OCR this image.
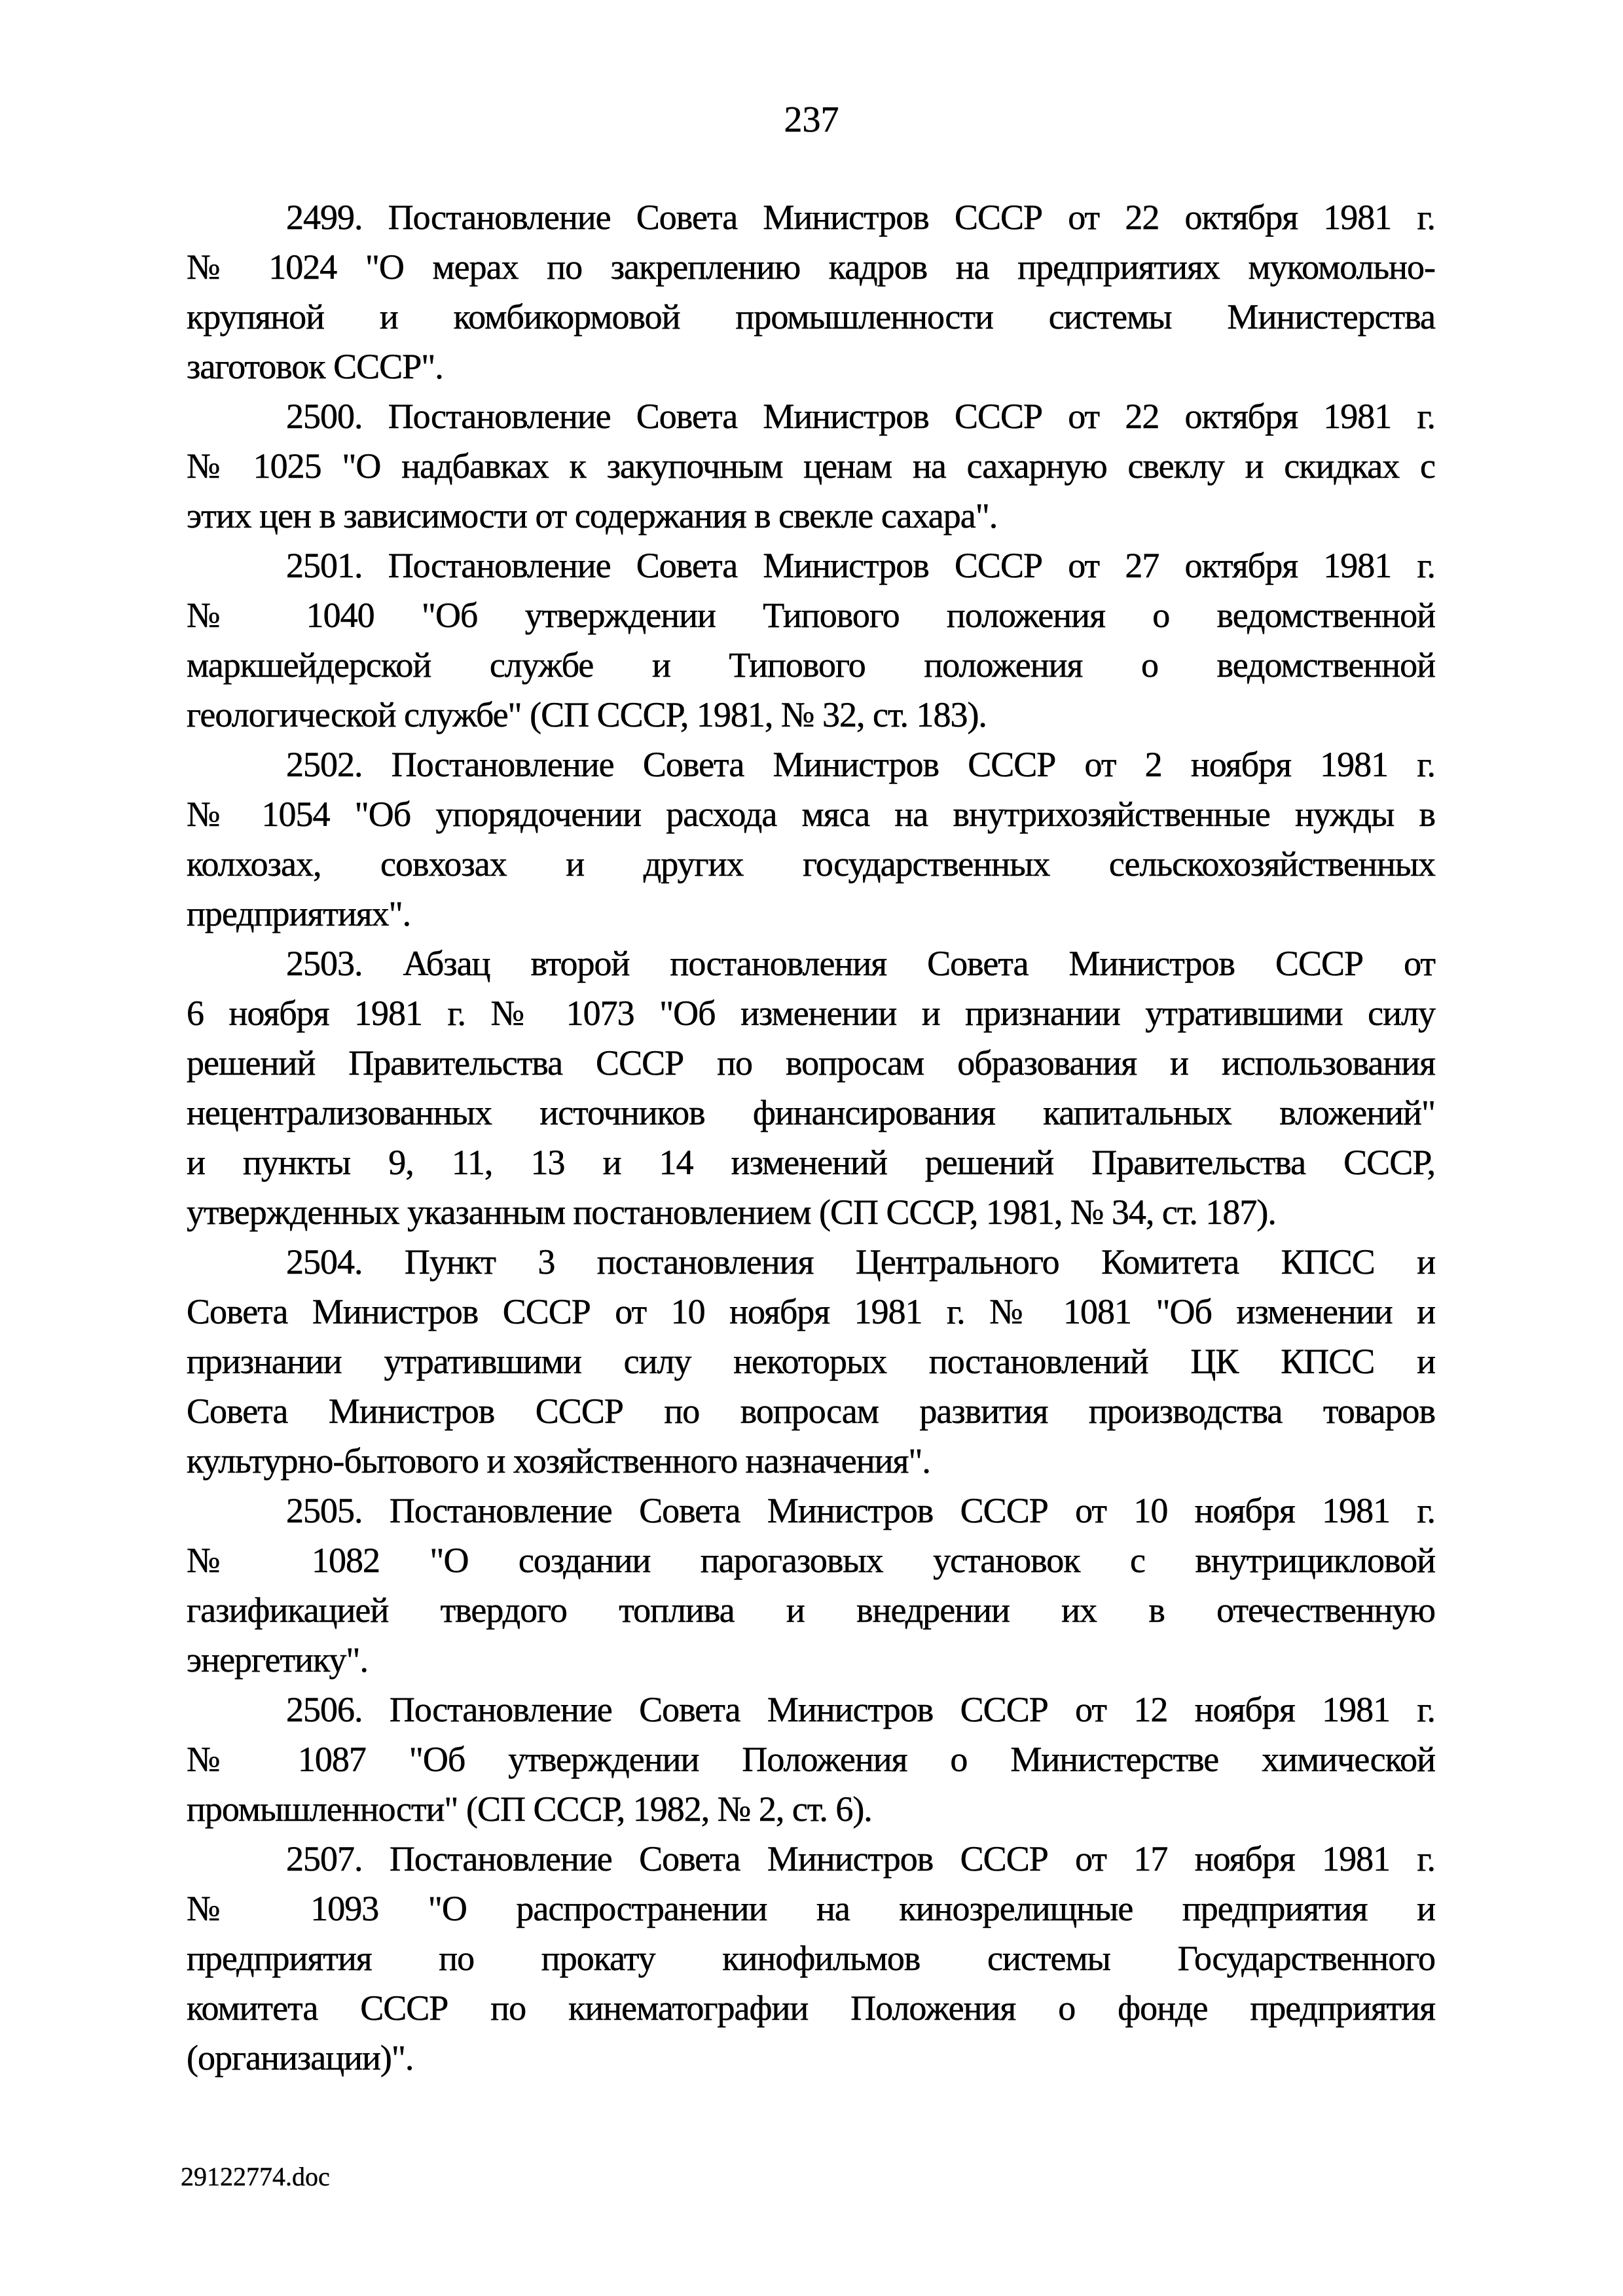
237
2499. Постановление Совета Министров СССР от 22 октября 1981 г.
№ 1024 "О мерах по закреплению кадров на предприятиях мукомольно-
крупяной и комбикормовой промышленности системы Министерства
заготовок СССР".
2500. Постановление Совета Министров СССР от 22 октября 1981 г.
№ 1025 "О надбавках к закупочным ценам на сахарную свеклу и скидках с
этих цен в зависимости от содержания в свекле сахара".
2501. Постановление Совета Министров СССР от 27 октября 1981 г.
№ 1040 "Об утверждении Типового положения о ведомственной
маркшейдерской службе и Типового положения о ведомственной
геологической службе" (СП СССР, 1981, № 32, ст. 183).
2502. Постановление Совета Министров СССР от 2 ноября 1981 г.
№ 1054 "Об упорядочении расхода мяса на внутрихозяйственные нужды в
колхозах, совхозах и других государственных сельскохозяйственных
предприятиях".
2503. Абзац второй постановления Совета Министров СССР от
6 ноября 1981 г. № 1073 "Об изменении и признании утратившими силу
решений Правительства СССР по вопросам образования и использования
нецентрализованных источников финансирования капитальных вложений"
и пункты 9, 11, 13 и 14 изменений решений Правительства СССР,
утвержденных указанным постановлением (СП СССР, 1981, № 34, ст. 187).
2504. Пункт 3 постановления Центрального Комитета КПСС и
Совета Министров СССР от 10 ноября 1981 г. № 1081 "Об изменении и
признании утратившими силу некоторых постановлений ЦК КПСС и
Совета Министров СССР по вопросам развития производства товаров
культурно-бытового и хозяйственного назначения".
2505. Постановление Совета Министров СССР от 10 ноября 1981 г.
№ 1082 "О создании парогазовых установок с внутрицикловой
газификацией твердого топлива и внедрении их в отечественную
энергетику".
2506. Постановление Совета Министров СССР от 12 ноября 1981 г.
№ 1087 "Об утверждении Положения о Министерстве химической
промышленности" (СП СССР, 1982, № 2, ст. 6).
2507. Постановление Совета Министров СССР от 17 ноября 1981 г.
№ 1093 "О распространении на кинозрелищные предприятия и
предприятия по прокату кинофильмов системы Государственного
комитета СССР по кинематографии Положения о фонде предприятия
(организации)".
29122774.doc
